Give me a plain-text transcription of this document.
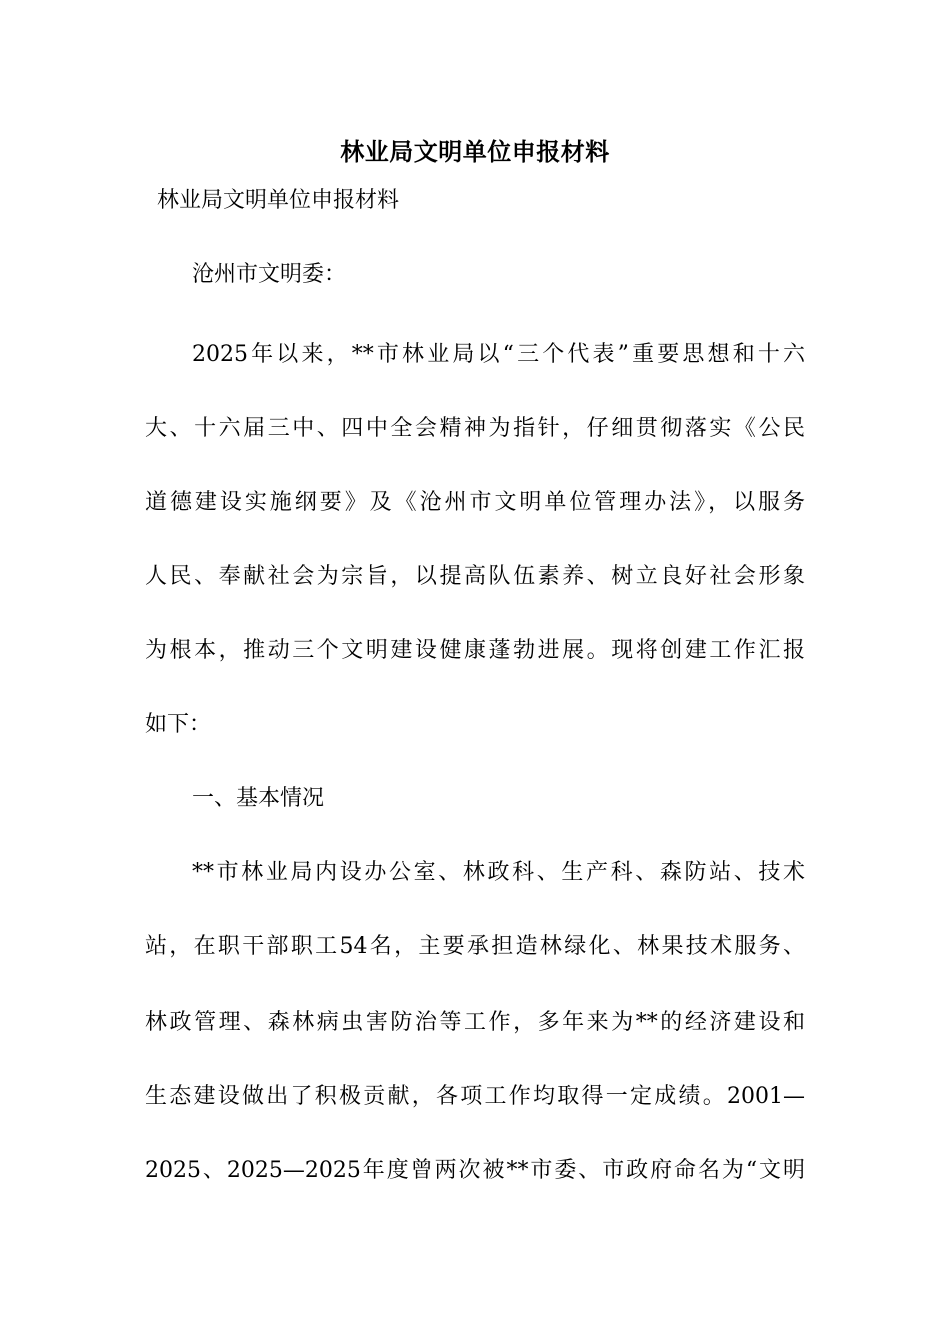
林业局文明单位申报材料
林业局文明单位申报材料
沧州市文明委：
2025年以来，**市林业局以“三个代表”重要思想和十六
大、十六届三中、四中全会精神为指针，仔细贯彻落实《公民
道德建设实施纲要》及《沧州市文明单位管理办法》，以服务
人民、奉献社会为宗旨，以提高队伍素养、树立良好社会形象
为根本，推动三个文明建设健康蓬勃进展。现将创建工作汇报
如下：
一、基本情况
**市林业局内设办公室、林政科、生产科、森防站、技术
站，在职干部职工54名，主要承担造林绿化、林果技术服务、
林政管理、森林病虫害防治等工作，多年来为**的经济建设和
生态建设做出了积极贡献，各项工作均取得一定成绩。2001—
2025、2025—2025年度曾两次被**市委、市政府命名为“文明
